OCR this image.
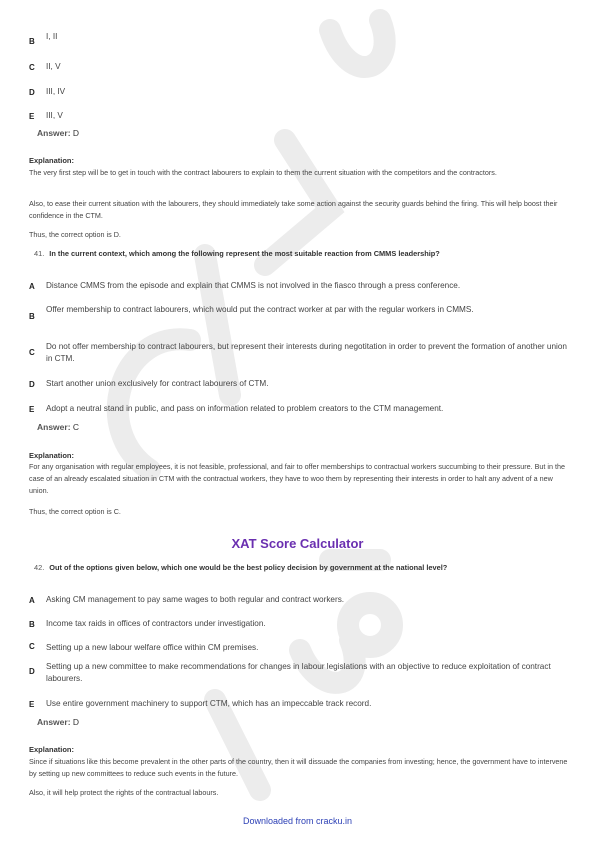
B
I, II
C II, V
D III, IV
E III, V
Answer: D
Explanation:
The very first step will be to get in touch with the contract labourers to explain to them the current situation with the competitors and the contractors.
Also, to ease their current situation with the labourers, they should immediately take some action against the security guards behind the firing. This will help boost their confidence in the CTM.
Thus, the correct option is D.
41. In the current context, which among the following represent the most suitable reaction from CMMS leadership?
A Distance CMMS from the episode and explain that CMMS is not involved in the fiasco through a press conference.
B
Offer membership to contract labourers, which would put the contract worker at par with the regular workers in CMMS.
C
Do not offer membership to contract labourers, but represent their interests during negotitation in order to prevent the formation of another union in CTM.
D Start another union exclusively for contract labourers of CTM.
E Adopt a neutral stand in public, and pass on information related to problem creators to the CTM management.
Answer: C
Explanation:
For any organisation with regular employees, it is not feasible, professional, and fair to offer memberships to contractual workers succumbing to their pressure. But in the case of an already escalated situation in CTM with the contractual workers, they have to woo them by representing their interests in order to halt any advent of a new union.
Thus, the correct option is C.
XAT Score Calculator
42. Out of the options given below, which one would be the best policy decision by government at the national level?
A Asking CM management to pay same wages to both regular and contract workers.
B Income tax raids in offices of contractors under investigation.
C Setting up a new labour welfare office within CM premises.
D
Setting up a new committee to make recommendations for changes in labour legislations with an objective to reduce exploitation of contract labourers.
E Use entire government machinery to support CTM, which has an impeccable track record.
Answer: D
Explanation:
Since if situations like this become prevalent in the other parts of the country, then it will dissuade the companies from investing; hence, the government have to intervene by setting up new committees to reduce such events in the future.
Also, it will help protect the rights of the contractual labours.
Downloaded from cracku.in
